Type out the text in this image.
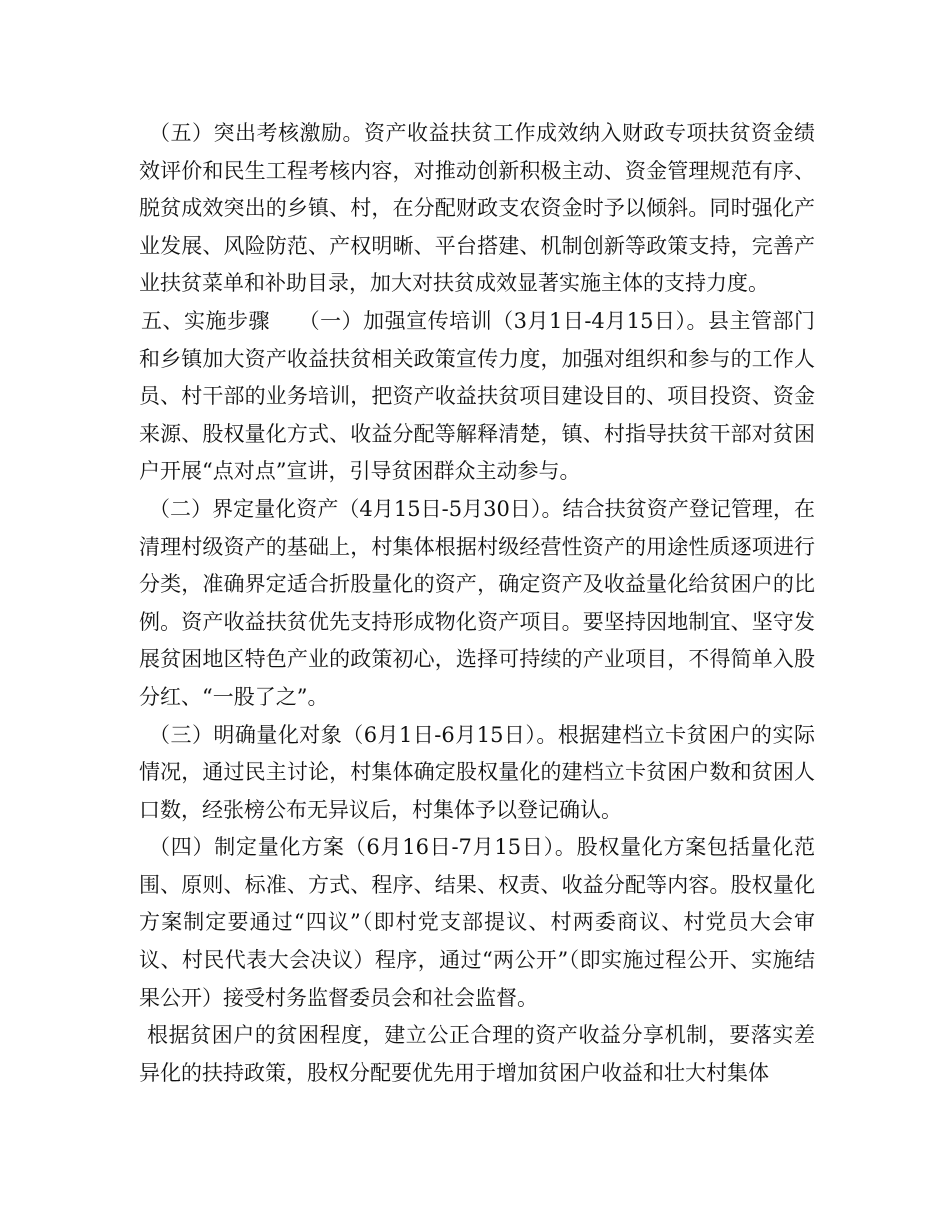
（五）突出考核激励。资产收益扶贫工作成效纳入财政专项扶贫资金绩效评价和民生工程考核内容，对推动创新积极主动、资金管理规范有序、脱贫成效突出的乡镇、村，在分配财政支农资金时予以倾斜。同时强化产业发展、风险防范、产权明晰、平台搭建、机制创新等政策支持，完善产业扶贫菜单和补助目录，加大对扶贫成效显著实施主体的支持力度。

五、实施步骤　 （一）加强宣传培训（3月1日-4月15日）。县主管部门和乡镇加大资产收益扶贫相关政策宣传力度，加强对组织和参与的工作人员、村干部的业务培训，把资产收益扶贫项目建设目的、项目投资、资金来源、股权量化方式、收益分配等解释清楚，镇、村指导扶贫干部对贫困户开展“点对点”宣讲，引导贫困群众主动参与。

（二）界定量化资产（4月15日-5月30日）。结合扶贫资产登记管理，在清理村级资产的基础上，村集体根据村级经营性资产的用途性质逐项进行分类，准确界定适合折股量化的资产，确定资产及收益量化给贫困户的比例。资产收益扶贫优先支持形成物化资产项目。要坚持因地制宜、坚守发展贫困地区特色产业的政策初心，选择可持续的产业项目，不得简单入股分红、“一股了之”。

（三）明确量化对象（6月1日-6月15日）。根据建档立卡贫困户的实际情况，通过民主讨论，村集体确定股权量化的建档立卡贫困户数和贫困人口数，经张榜公布无异议后，村集体予以登记确认。

（四）制定量化方案（6月16日-7月15日）。股权量化方案包括量化范围、原则、标准、方式、程序、结果、权责、收益分配等内容。股权量化方案制定要通过“四议”（即村党支部提议、村两委商议、村党员大会审议、村民代表大会决议）程序，通过“两公开”（即实施过程公开、实施结果公开）接受村务监督委员会和社会监督。

根据贫困户的贫困程度，建立公正合理的资产收益分享机制，要落实差异化的扶持政策，股权分配要优先用于增加贫困户收益和壮大村集体
